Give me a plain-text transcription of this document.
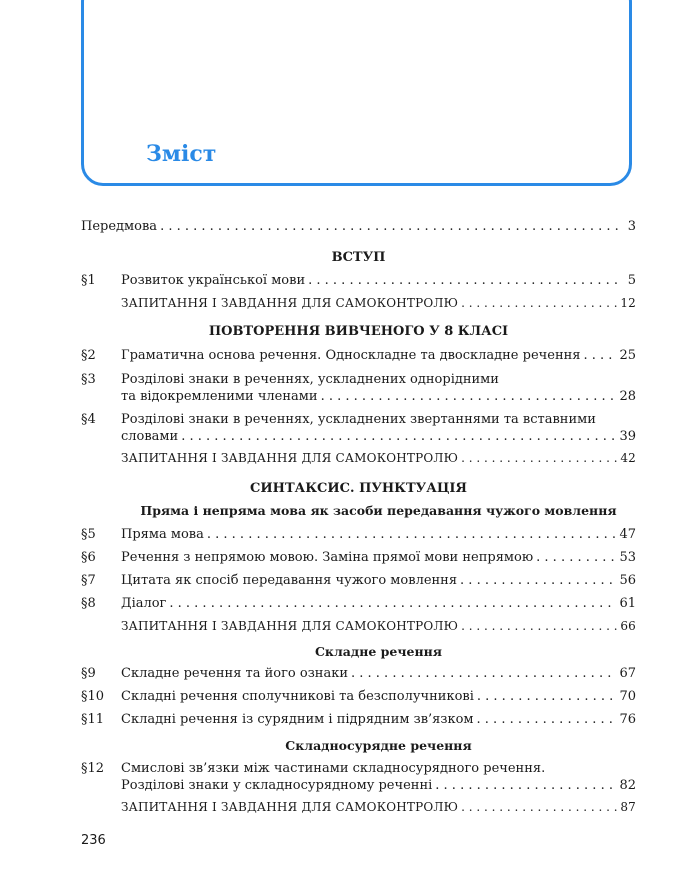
Зміст
Передмова . . .	3
ВСТУП
§1	Розвиток української мови . . .	5
ЗАПИТАННЯ І ЗАВДАННЯ ДЛЯ САМОКОНТРОЛЮ . . .	12
ПОВТОРЕННЯ ВИВЧЕНОГО У 8 КЛАСІ
§2	Граматична основа речення. Односкладне та двоскладне речення . . .	25
§3	Розділові знаки в реченнях, ускладнених однорідними
та відокремленими членами . . .	28
§4	Розділові знаки в реченнях, ускладнених звертаннями та вставними
словами . . .	39
ЗАПИТАННЯ І ЗАВДАННЯ ДЛЯ САМОКОНТРОЛЮ . . .	42
СИНТАКСИС. ПУНКТУАЦІЯ
Пряма і непряма мова як засоби передавання чужого мовлення
§5	Пряма мова . . .	47
§6	Речення з непрямою мовою. Заміна прямої мови непрямою . . .	53
§7	Цитата як спосіб передавання чужого мовлення . . .	56
§8	Діалог . . .	61
ЗАПИТАННЯ І ЗАВДАННЯ ДЛЯ САМОКОНТРОЛЮ . . .	66
Складне речення
§9	Складне речення та його ознаки . . .	67
§10	Складні речення сполучникові та безсполучникові . . .	70
§11	Складні речення із сурядним і підрядним зв’язком . . .	76
Складносурядне речення
§12	Смислові зв’язки між частинами складносурядного речення.
Розділові знаки у складносурядному реченні . . .	82
ЗАПИТАННЯ І ЗАВДАННЯ ДЛЯ САМОКОНТРОЛЮ . . .	87
236
